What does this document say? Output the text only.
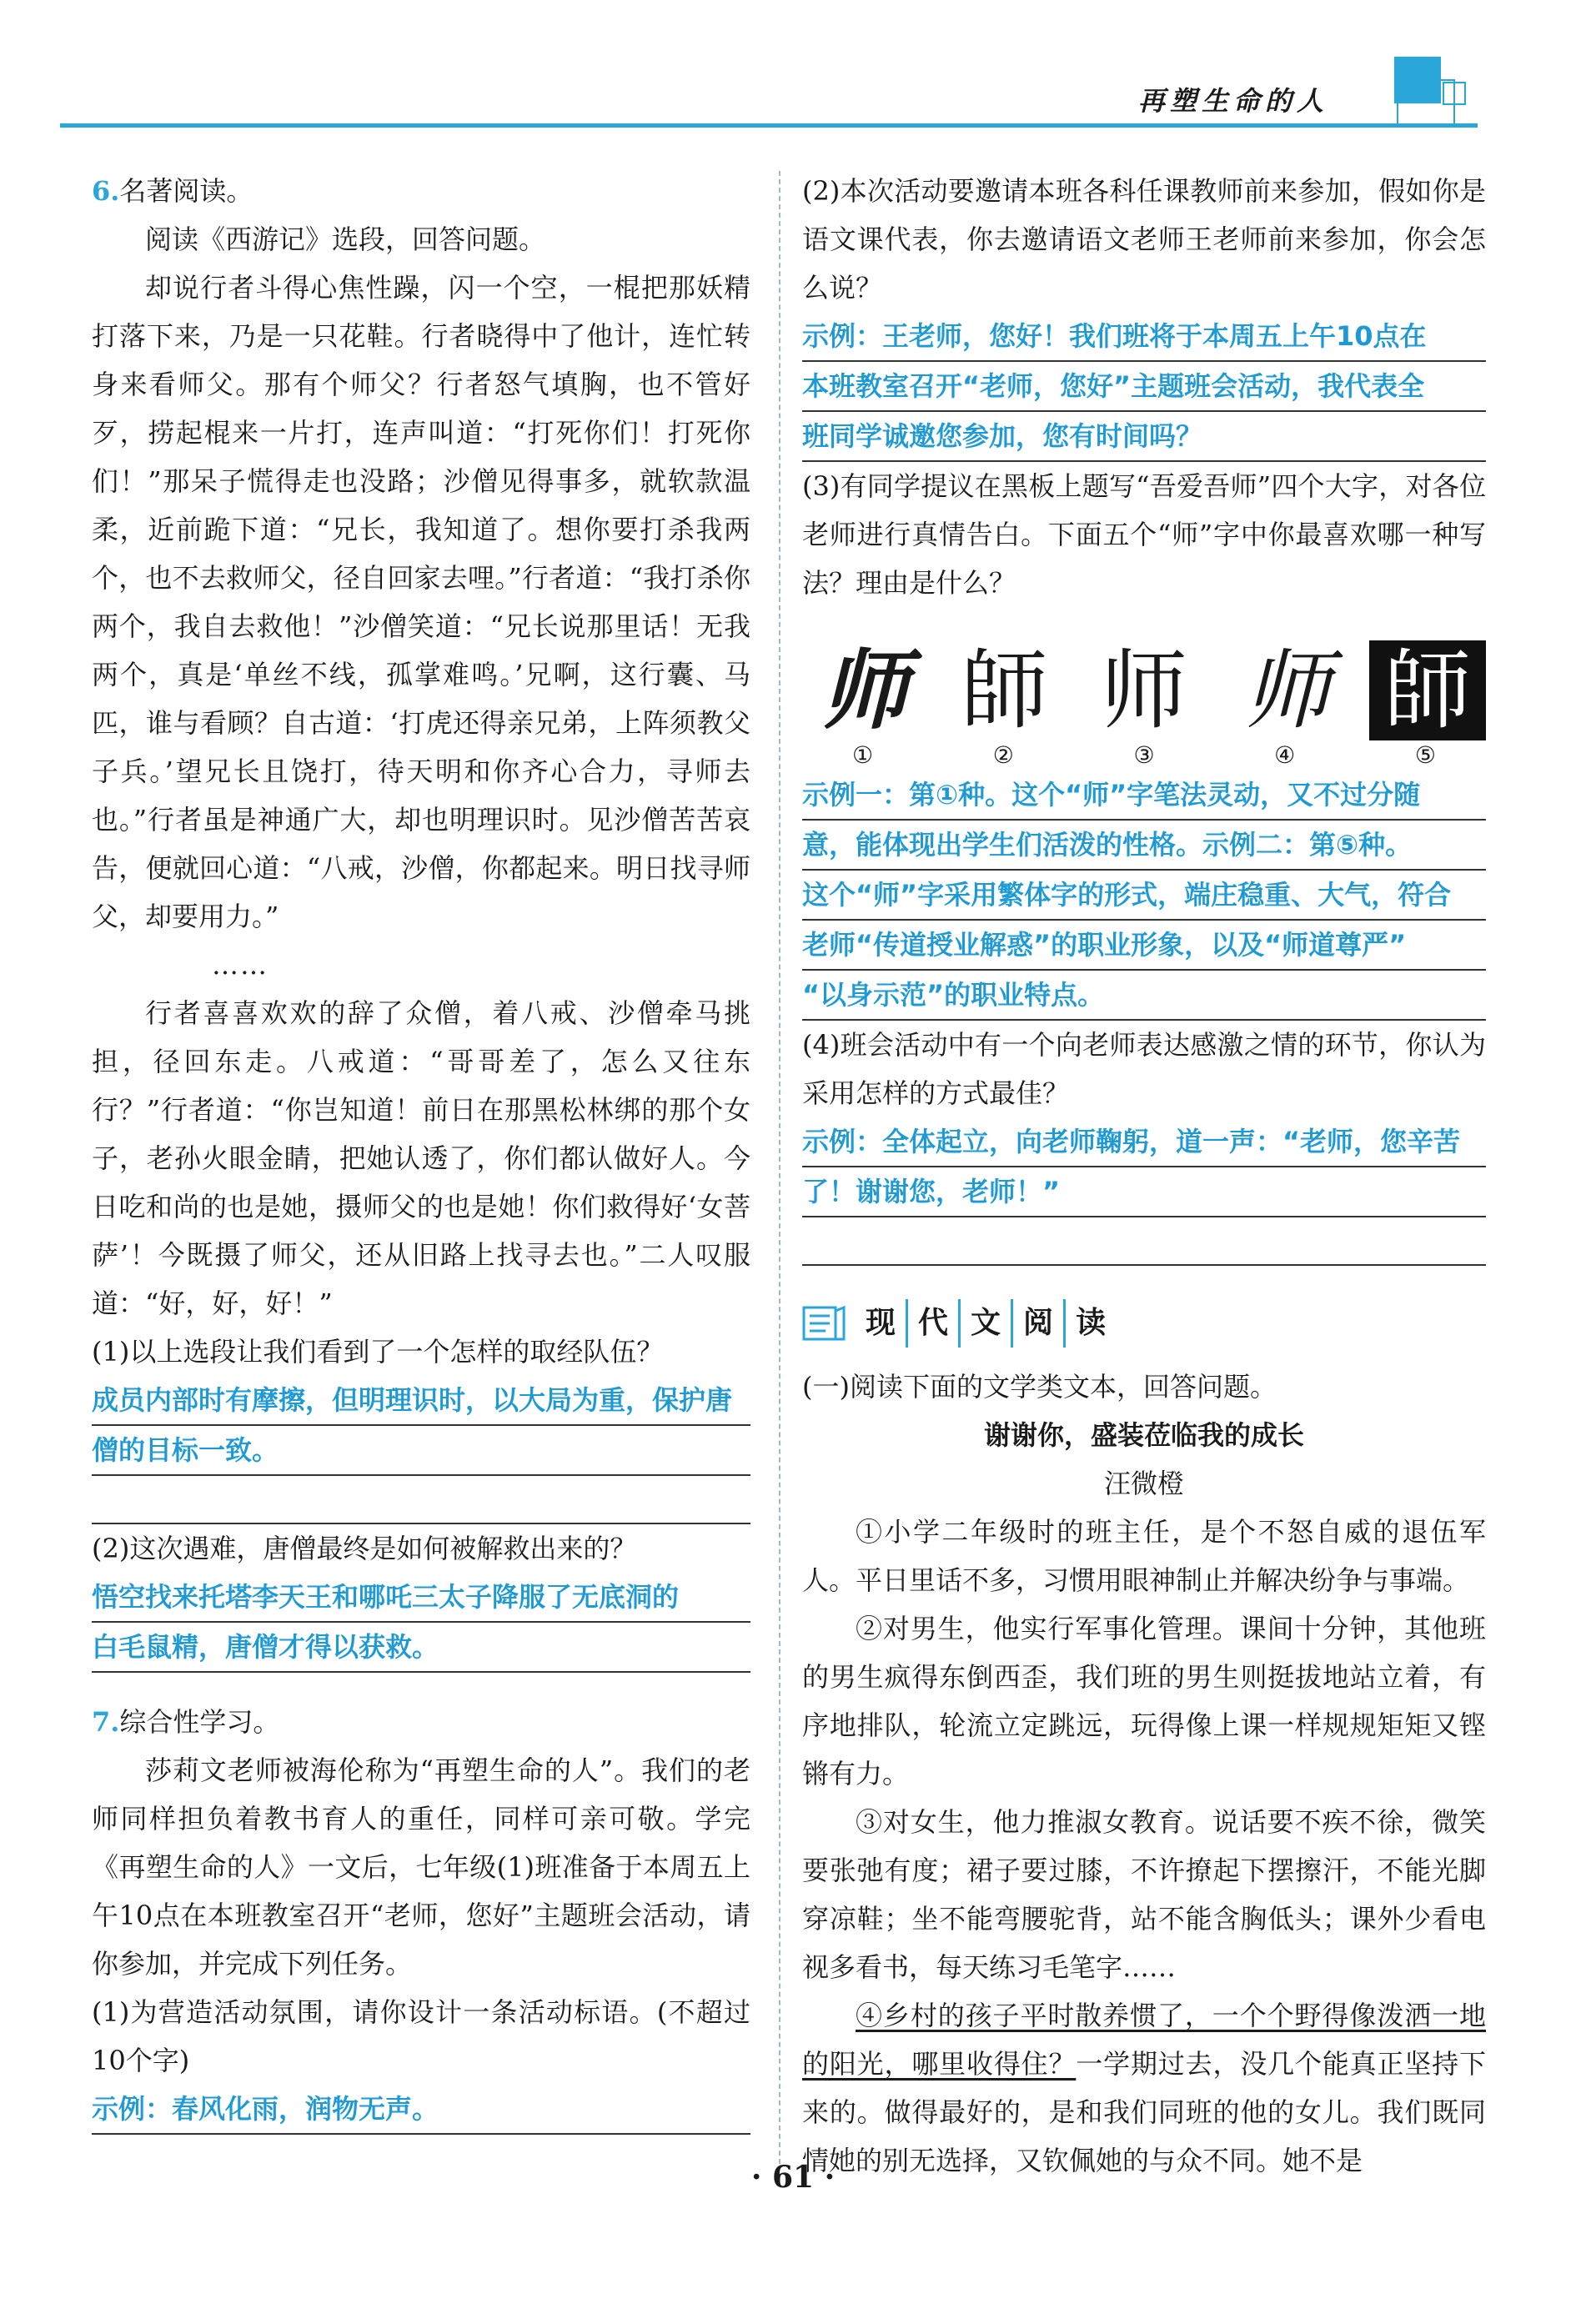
再塑生命的人

6.名著阅读。

阅读《西游记》选段，回答问题。

却说行者斗得心焦性躁，闪一个空，一棍把那妖精打落下来，乃是一只花鞋。行者晓得中了他计，连忙转身来看师父。那有个师父？行者怒气填胸，也不管好歹，捞起棍来一片打，连声叫道：“打死你们！打死你们！”那呆子慌得走也没路；沙僧见得事多，就软款温柔，近前跪下道：“兄长，我知道了。想你要打杀我两个，也不去救师父，径自回家去哩。”行者道：“我打杀你两个，我自去救他！”沙僧笑道：“兄长说那里话！无我两个，真是‘单丝不线，孤掌难鸣。’兄啊，这行囊、马匹，谁与看顾？自古道：‘打虎还得亲兄弟，上阵须教父子兵。’望兄长且饶打，待天明和你齐心合力，寻师去也。”行者虽是神通广大，却也明理识时。见沙僧苦苦哀告，便就回心道：“八戒，沙僧，你都起来。明日找寻师父，却要用力。”

……

行者喜喜欢欢的辞了众僧，着八戒、沙僧牵马挑担，径回东走。八戒道：“哥哥差了，怎么又往东行？”行者道：“你岂知道！前日在那黑松林绑的那个女子，老孙火眼金睛，把她认透了，你们都认做好人。今日吃和尚的也是她，摄师父的也是她！你们救得好‘女菩萨’！今既摄了师父，还从旧路上找寻去也。”二人叹服道：“好，好，好！”

(1)以上选段让我们看到了一个怎样的取经队伍？

成员内部时有摩擦，但明理识时，以大局为重，保护唐
僧的目标一致。

(2)这次遇难，唐僧最终是如何被解救出来的？

悟空找来托塔李天王和哪吒三太子降服了无底洞的
白毛鼠精，唐僧才得以获救。

7.综合性学习。

莎莉文老师被海伦称为“再塑生命的人”。我们的老师同样担负着教书育人的重任，同样可亲可敬。学完《再塑生命的人》一文后，七年级(1)班准备于本周五上午10点在本班教室召开“老师，您好”主题班会活动，请你参加，并完成下列任务。

(1)为营造活动氛围，请你设计一条活动标语。(不超过10个字)

示例：春风化雨，润物无声。

(2)本次活动要邀请本班各科任课教师前来参加，假如你是语文课代表，你去邀请语文老师王老师前来参加，你会怎么说？

示例：王老师，您好！我们班将于本周五上午10点在
本班教室召开“老师，您好”主题班会活动，我代表全
班同学诚邀您参加，您有时间吗？

(3)有同学提议在黑板上题写“吾爱吾师”四个大字，对各位老师进行真情告白。下面五个“师”字中你最喜欢哪一种写法？理由是什么？

师 師 师 师 師
①	②	③	④	⑤
示例一：第①种。这个“师”字笔法灵动，又不过分随
意，能体现出学生们活泼的性格。示例二：第⑤种。
这个“师”字采用繁体字的形式，端庄稳重、大气，符合
老师“传道授业解惑”的职业形象，以及“师道尊严”
“以身示范”的职业特点。

(4)班会活动中有一个向老师表达感激之情的环节，你认为采用怎样的方式最佳？

示例：全体起立，向老师鞠躬，道一声：“老师，您辛苦
了！谢谢您，老师！”
现 代 文 阅 读

(一)阅读下面的文学类文本，回答问题。

谢谢你，盛装莅临我的成长

汪微橙

①小学二年级时的班主任，是个不怒自威的退伍军人。平日里话不多，习惯用眼神制止并解决纷争与事端。

②对男生，他实行军事化管理。课间十分钟，其他班的男生疯得东倒西歪，我们班的男生则挺拔地站立着，有序地排队，轮流立定跳远，玩得像上课一样规规矩矩又铿锵有力。

③对女生，他力推淑女教育。说话要不疾不徐，微笑要张弛有度；裙子要过膝，不许撩起下摆擦汗，不能光脚穿凉鞋；坐不能弯腰驼背，站不能含胸低头；课外少看电视多看书，每天练习毛笔字……

④乡村的孩子平时散养惯了，一个个野得像泼洒一地的阳光，哪里收得住？一学期过去，没几个能真正坚持下来的。做得最好的，是和我们同班的他的女儿。我们既同情她的别无选择，又钦佩她的与众不同。她不是

· 61 ·
